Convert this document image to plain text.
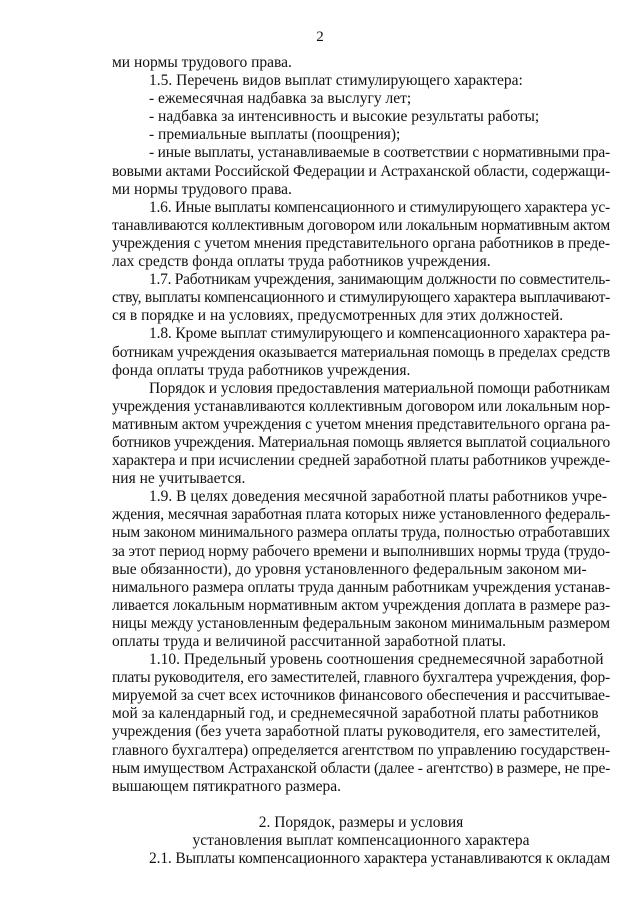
2
ми нормы трудового права.
1.5. Перечень видов выплат стимулирующего характера:
- ежемесячная надбавка за выслугу лет;
- надбавка за интенсивность и высокие результаты работы;
- премиальные выплаты (поощрения);
- иные выплаты, устанавливаемые в соответствии с нормативными пра-
вовыми актами Российской Федерации и Астраханской области, содержащи-
ми нормы трудового права.
1.6. Иные выплаты компенсационного и стимулирующего характера ус-
танавливаются коллективным договором или локальным нормативным актом
учреждения с учетом мнения представительного органа работников в преде-
лах средств фонда оплаты труда работников учреждения.
1.7. Работникам учреждения, занимающим должности по совместитель-
ству, выплаты компенсационного и стимулирующего характера выплачивают-
ся в порядке и на условиях, предусмотренных для этих должностей.
1.8. Кроме выплат стимулирующего и компенсационного характера ра-
ботникам учреждения оказывается материальная помощь в пределах средств
фонда оплаты труда работников учреждения.
Порядок и условия предоставления материальной помощи работникам
учреждения устанавливаются коллективным договором или локальным нор-
мативным актом учреждения с учетом мнения представительного органа ра-
ботников учреждения. Материальная помощь является выплатой социального
характера и при исчислении средней заработной платы работников учрежде-
ния не учитывается.
1.9. В целях доведения месячной заработной платы работников учре-
ждения, месячная заработная плата которых ниже установленного федераль-
ным законом минимального размера оплаты труда, полностью отработавших
за этот период норму рабочего времени и выполнивших нормы труда (трудо-
вые обязанности), до уровня установленного федеральным законом ми-
нимального размера оплаты труда данным работникам учреждения устанав-
ливается локальным нормативным актом учреждения доплата в размере раз-
ницы между установленным федеральным законом минимальным размером
оплаты труда и величиной рассчитанной заработной платы.
1.10. Предельный уровень соотношения среднемесячной заработной
платы руководителя, его заместителей, главного бухгалтера учреждения, фор-
мируемой за счет всех источников финансового обеспечения и рассчитывае-
мой за календарный год, и среднемесячной заработной платы работников
учреждения (без учета заработной платы руководителя, его заместителей,
главного бухгалтера) определяется агентством по управлению государствен-
ным имуществом Астраханской области (далее - агентство) в размере, не пре-
вышающем пятикратного размера.
2. Порядок, размеры и условия
установления выплат компенсационного характера
2.1. Выплаты компенсационного характера устанавливаются к окладам
